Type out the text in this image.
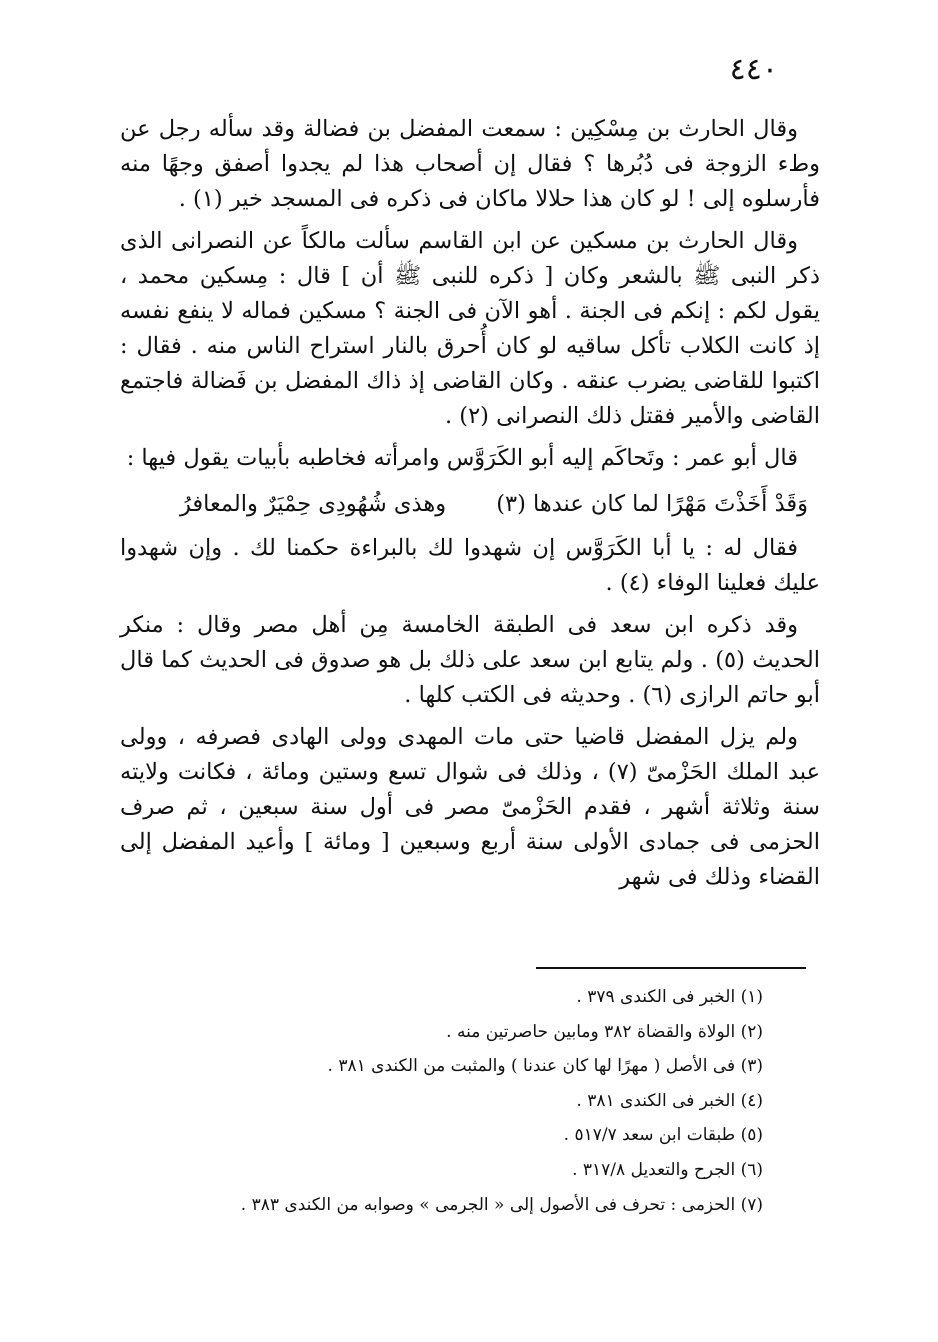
٤٤٠

وقال الحارث بن مِسْكِين : سمعت المفضل بن فضالة وقد سأله رجل عن وطء الزوجة فى دُبُرها ؟ فقال إن أصحاب هذا لم يجدوا أصفق وجهًا منه فأرسلوه إلى ! لو كان هذا حلالا ماكان فى ذكره فى المسجد خير (١) .

وقال الحارث بن مسكين عن ابن القاسم سألت مالكاً عن النصرانى الذى ذكر النبى ﷺ بالشعر وكان [ ذكره للنبى ﷺ أن ] قال : مِسكين محمد ، يقول لكم : إنكم فى الجنة . أهو الآن فى الجنة ؟ مسكين فماله لا ينفع نفسه إذ كانت الكلاب تأكل ساقيه لو كان أُحرق بالنار استراح الناس منه . فقال : اكتبوا للقاضى يضرب عنقه . وكان القاضى إذ ذاك المفضل بن فَضالة فاجتمع القاضى والأمير فقتل ذلك النصرانى (٢) .

قال أبو عمر : وتَحاكَم إليه أبو الكَرَوَّس وامرأته فخاطبه بأبيات يقول فيها :

وَقَدْ أَخَذْتَ مَهْرًا لما كان عندها (٣)
وهذى شُهُودِى حِمْيَرٌ والمعافرُ

فقال له : يا أبا الكَرَوَّس إن شهدوا لك بالبراءة حكمنا لك . وإن شهدوا عليك فعلينا الوفاء (٤) .

وقد ذكره ابن سعد فى الطبقة الخامسة مِن أهل مصر وقال : منكر الحديث (٥) . ولم يتابع ابن سعد على ذلك بل هو صدوق فى الحديث كما قال أبو حاتم الرازى (٦) . وحديثه فى الكتب كلها .

ولم يزل المفضل قاضيا حتى مات المهدى وولى الهادى فصرفه ، وولى عبد الملك الحَزْمىّ (٧) ، وذلك فى شوال تسع وستين ومائة ، فكانت ولايته سنة وثلاثة أشهر ، فقدم الحَزْمىّ مصر فى أول سنة سبعين ، ثم صرف الحزمى فى جمادى الأولى سنة أربع وسبعين [ ومائة ] وأعيد المفضل إلى القضاء وذلك فى شهر

(١) الخبر فى الكندى ٣٧٩ .
(٢) الولاة والقضاة ٣٨٢ ومابين حاصرتين منه .
(٣) فى الأصل ( مهرًا لها كان عندنا ) والمثبت من الكندى ٣٨١ .
(٤) الخبر فى الكندى ٣٨١ .
(٥) طبقات ابن سعد ٥١٧/٧ .
(٦) الجرح والتعديل ٣١٧/٨ .
(٧) الحزمى : تحرف فى الأصول إلى « الجرمى » وصوابه من الكندى ٣٨٣ .
